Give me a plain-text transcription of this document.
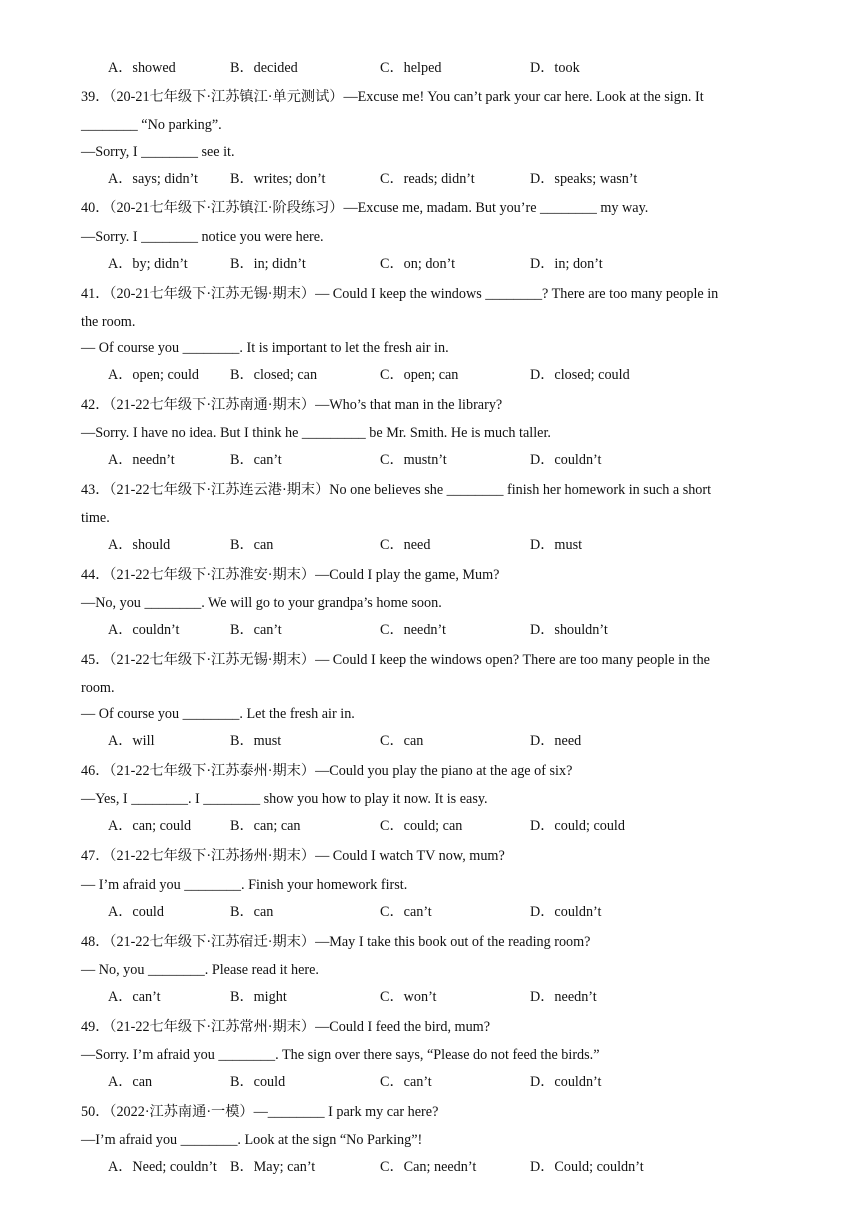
A．showed	B．decided	C．helped	D．took
39．（20-21七年级下·江苏镇江·单元测试）—Excuse me! You can’t park your car here. Look at the sign. It
________ “No parking”.
—Sorry, I ________ see it.
A．says; didn’t B．writes; don’t	C．reads; didn’t	D．speaks; wasn’t
40．（20-21七年级下·江苏镇江·阶段练习）—Excuse me, madam. But you’re ________ my way.
—Sorry. I ________ notice you were here.
A．by; didn’t	B．in; didn’t	C．on; don’t	D．in; don’t
41．（20-21七年级下·江苏无锡·期末）— Could I keep the windows ________? There are too many people in
the room.
— Of course you ________. It is important to let the fresh air in.
A．open; could B．closed; can	C．open; can	D．closed; could
42．（21-22七年级下·江苏南通·期末）—Who’s that man in the library?
—Sorry. I have no idea. But I think he _________ be Mr. Smith. He is much taller.
A．needn’t	B．can’t	C．mustn’t	D．couldn’t
43．（21-22七年级下·江苏连云港·期末）No one believes she ________ finish her homework in such a short
time.
A．should	B．can	C．need	D．must
44．（21-22七年级下·江苏淮安·期末）—Could I play the game, Mum?
—No, you ________. We will go to your grandpa’s home soon.
A．couldn’t	B．can’t	C．needn’t	D．shouldn’t
45．（21-22七年级下·江苏无锡·期末）— Could I keep the windows open? There are too many people in the
room.
— Of course you ________. Let the fresh air in.
A．will	B．must	C．can	D．need
46．（21-22七年级下·江苏泰州·期末）—Could you play the piano at the age of six?
—Yes, I ________. I ________ show you how to play it now. It is easy.
A．can; could	B．can; can	C．could; can	D．could; could
47．（21-22七年级下·江苏扬州·期末）— Could I watch TV now, mum?
— I’m afraid you ________. Finish your homework first.
A．could	B．can	C．can’t	D．couldn’t
48．（21-22七年级下·江苏宿迁·期末）—May I take this book out of the reading room?
— No, you ________. Please read it here.
A．can’t	B．might	C．won’t	D．needn’t
49．（21-22七年级下·江苏常州·期末）—Could I feed the bird, mum?
—Sorry. I’m afraid you ________. The sign over there says, “Please do not feed the birds.”
A．can	B．could	C．can’t	D．couldn’t
50．（2022·江苏南通·一模）—________ I park my car here?
—I’m afraid you ________. Look at the sign “No Parking”!
A．Need; couldn’t B．May; can’t	C．Can; needn’t	D．Could; couldn’t
